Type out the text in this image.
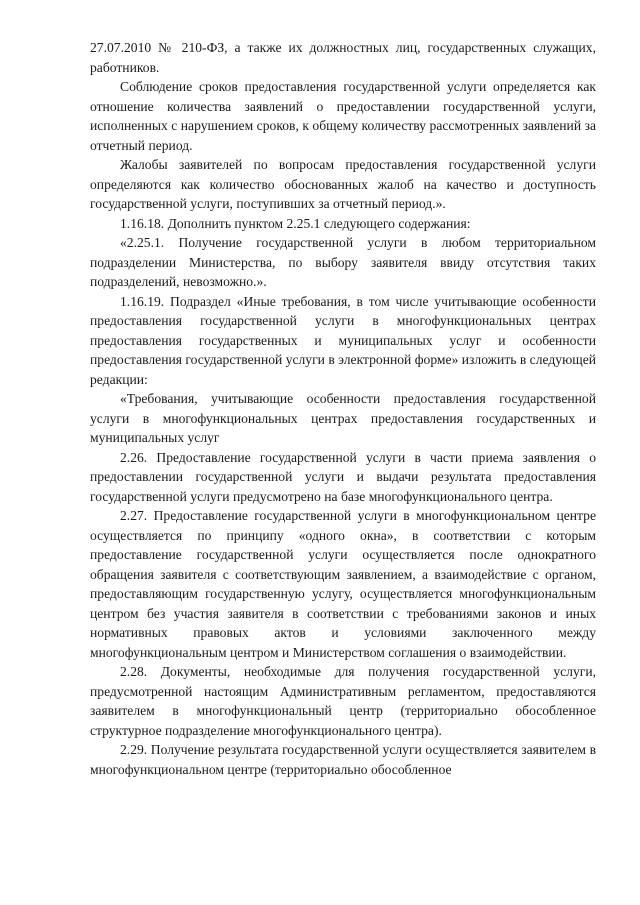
27.07.2010 № 210-ФЗ, а также их должностных лиц, государственных служащих, работников.

Соблюдение сроков предоставления государственной услуги определяется как отношение количества заявлений о предоставлении государственной услуги, исполненных с нарушением сроков, к общему количеству рассмотренных заявлений за отчетный период.

Жалобы заявителей по вопросам предоставления государственной услуги определяются как количество обоснованных жалоб на качество и доступность государственной услуги, поступивших за отчетный период.».

1.16.18. Дополнить пунктом 2.25.1 следующего содержания:

«2.25.1. Получение государственной услуги в любом территориальном подразделении Министерства, по выбору заявителя ввиду отсутствия таких подразделений, невозможно.».

1.16.19. Подраздел «Иные требования, в том числе учитывающие особенности предоставления государственной услуги в многофункциональных центрах предоставления государственных и муниципальных услуг и особенности предоставления государственной услуги в электронной форме» изложить в следующей редакции:

«Требования, учитывающие особенности предоставления государственной услуги в многофункциональных центрах предоставления государственных и муниципальных услуг

2.26. Предоставление государственной услуги в части приема заявления о предоставлении государственной услуги и выдачи результата предоставления государственной услуги предусмотрено на базе многофункционального центра.

2.27. Предоставление государственной услуги в многофункциональном центре осуществляется по принципу «одного окна», в соответствии с которым предоставление государственной услуги осуществляется после однократного обращения заявителя с соответствующим заявлением, а взаимодействие с органом, предоставляющим государственную услугу, осуществляется многофункциональным центром без участия заявителя в соответствии с требованиями законов и иных нормативных правовых актов и условиями заключенного между многофункциональным центром и Министерством соглашения о взаимодействии.

2.28. Документы, необходимые для получения государственной услуги, предусмотренной настоящим Административным регламентом, предоставляются заявителем в многофункциональный центр (территориально обособленное структурное подразделение многофункционального центра).

2.29. Получение результата государственной услуги осуществляется заявителем в многофункциональном центре (территориально обособленное
